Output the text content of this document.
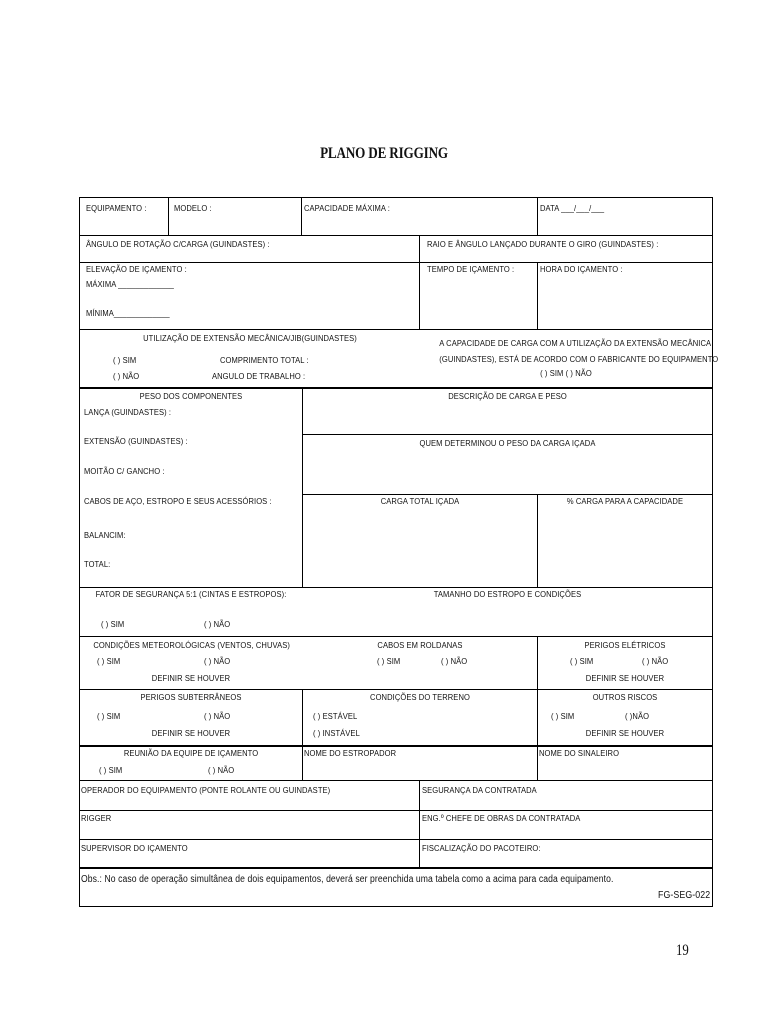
PLANO DE RIGGING
EQUIPAMENTO :	MODELO :	CAPACIDADE MÁXIMA :	DATA ___/___/___
ÂNGULO DE ROTAÇÃO C/CARGA (GUINDASTES) :	RAIO E ÂNGULO LANÇADO DURANTE O GIRO (GUINDASTES) :
ELEVAÇÃO DE IÇAMENTO :
MÁXIMA _____________
MÍNIMA_____________
TEMPO DE IÇAMENTO :	HORA DO IÇAMENTO :
UTILIZAÇÃO DE EXTENSÃO MECÂNICA/JIB(GUINDASTES)
( ) SIM
( ) NÃO
COMPRIMENTO TOTAL :
ANGULO DE TRABALHO :
A CAPACIDADE DE CARGA COM A UTILIZAÇÃO DA EXTENSÃO MECÂNICA
(GUINDASTES), ESTÁ DE ACORDO COM O FABRICANTE DO EQUIPAMENTO
( ) SIM ( ) NÃO
PESO DOS COMPONENTES
LANÇA (GUINDASTES) :
EXTENSÃO (GUINDASTES) :
MOITÃO C/ GANCHO :
CABOS DE AÇO, ESTROPO E SEUS ACESSÓRIOS :
BALANCIM:
TOTAL:
DESCRIÇÃO DE CARGA E PESO
QUEM DETERMINOU O PESO DA CARGA IÇADA
CARGA TOTAL IÇADA	% CARGA PARA A CAPACIDADE
FATOR DE SEGURANÇA 5:1 (CINTAS E ESTROPOS):
( ) SIM	( ) NÃO
TAMANHO DO ESTROPO E CONDIÇÕES
CONDIÇÕES METEOROLÓGICAS (VENTOS, CHUVAS)
( ) SIM	( ) NÃO
DEFINIR SE HOUVER
CABOS EM ROLDANAS
( ) SIM	( ) NÃO
PERIGOS ELÉTRICOS
( ) SIM	( ) NÃO
DEFINIR SE HOUVER
PERIGOS SUBTERRÂNEOS
( ) SIM	( ) NÃO
DEFINIR SE HOUVER
CONDIÇÕES DO TERRENO
( ) ESTÁVEL
( ) INSTÁVEL
OUTROS RISCOS
( ) SIM	( )NÃO
DEFINIR SE HOUVER
REUNIÃO DA EQUIPE DE IÇAMENTO
( ) SIM	( ) NÃO
NOME DO ESTROPADOR	NOME DO SINALEIRO
OPERADOR DO EQUIPAMENTO (PONTE ROLANTE OU GUINDASTE)	SEGURANÇA DA CONTRATADA
RIGGER	ENG.º CHEFE DE OBRAS DA CONTRATADA
SUPERVISOR DO IÇAMENTO	FISCALIZAÇÃO DO PACOTEIRO:
Obs.: No caso de operação simultânea de dois equipamentos, deverá ser preenchida uma tabela como a acima para cada equipamento.
FG-SEG-022
19
